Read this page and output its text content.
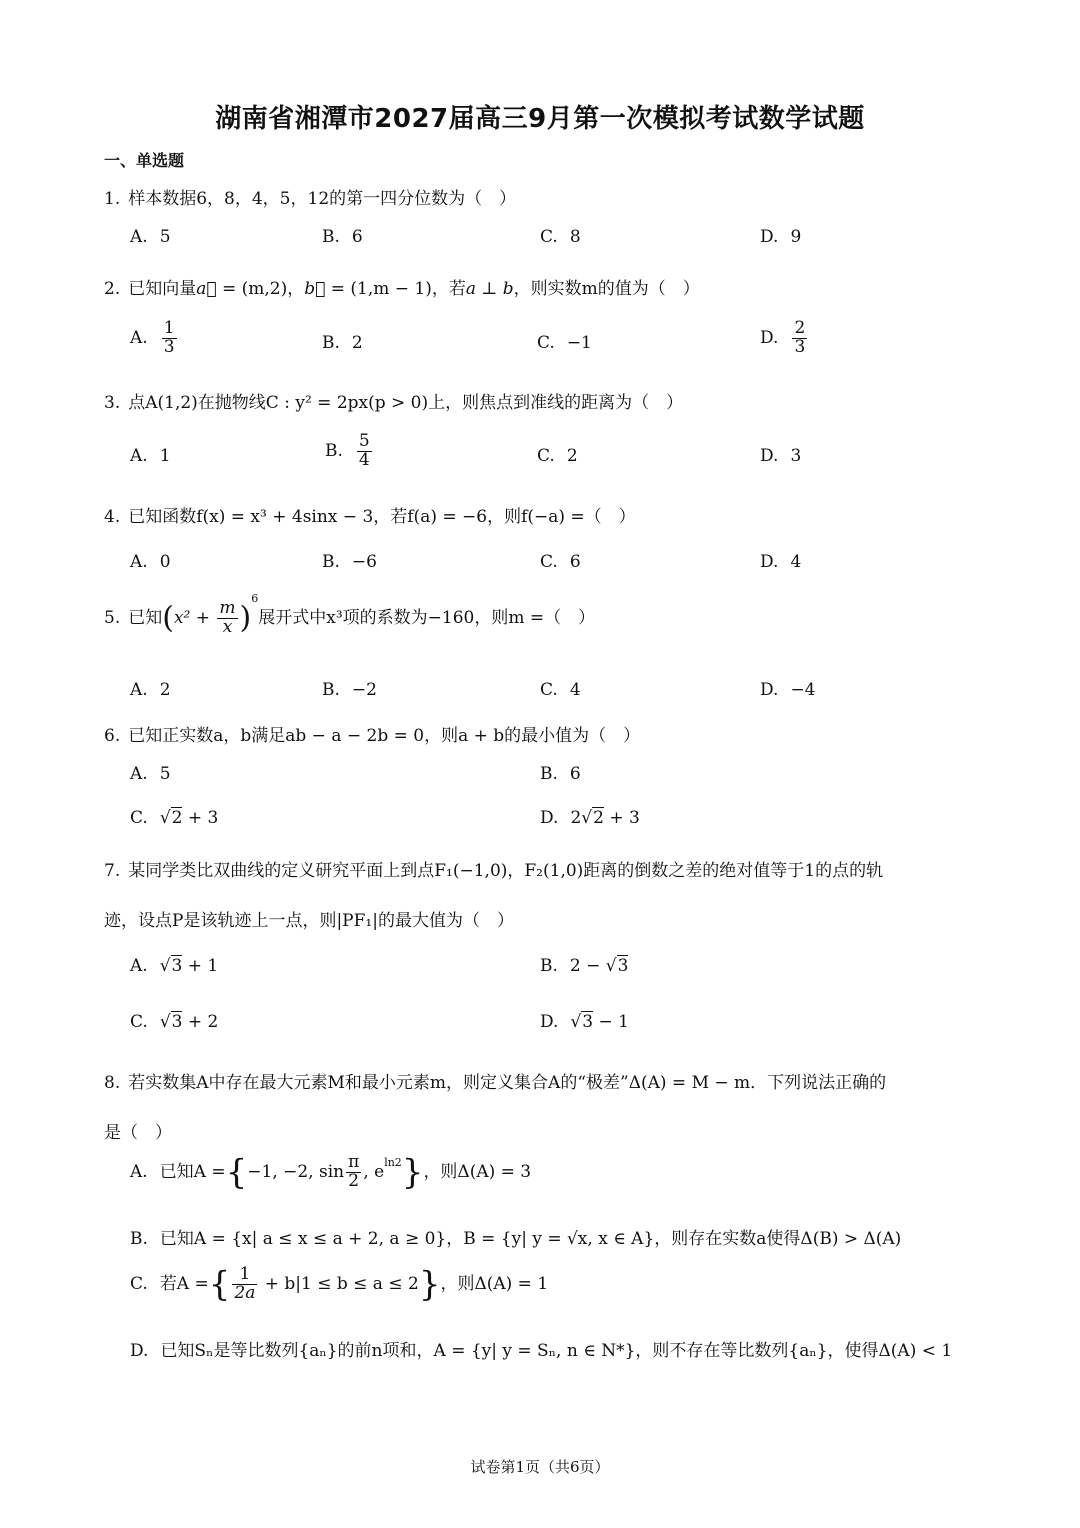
湖南省湘潭市2027届高三9月第一次模拟考试数学试题
一、单选题
1. 样本数据6，8，4，5，12的第一四分位数为（　）
A. 5	B. 6	C. 8	D. 9
2. 已知向量a⃗ = (m,2)，b⃗ = (1,m − 1)，若a ⊥ b，则实数m的值为（　）
A. $\frac{1}{3}$	B. 2	C. −1	D. $\frac{2}{3}$
3. 点A(1,2)在抛物线C : y² = 2px(p > 0)上，则焦点到准线的距离为（　）
A. 1	B. $\frac{5}{4}$	C. 2	D. 3
4. 已知函数f(x) = x³ + 4sinx − 3，若f(a) = −6，则f(−a) =（　）
A. 0	B. −6	C. 6	D. 4
5. 已知$(x^2 + \frac{m}{x} )^6$展开式中x³项的系数为−160，则m =（　）
A. 2	B. −2	C. 4	D. −4
6. 已知正实数a，b满足ab − a − 2b = 0，则a + b的最小值为（　）
A. 5	B. 6
C. √2 + 3	D. 2√2 + 3
7. 某同学类比双曲线的定义研究平面上到点F₁(−1,0)，F₂(1,0)距离的倒数之差的绝对值等于1的点的轨
迹，设点P是该轨迹上一点，则|PF₁|的最大值为（　）
A. √3 + 1	B. 2 − √3
C. √3 + 2	D. √3 − 1
8. 若实数集A中存在最大元素M和最小元素m，则定义集合A的“极差”Δ(A) = M − m．下列说法正确的
是（　）
A. 已知A ={−1, −2, $\sin \frac{\pi}{2}$ , $e^{ln2}$}，则Δ(A) = 3
B. 已知A = {x| a ≤ x ≤ a + 2, a ≥ 0}，B = {y| y = √x, x ∈ A}，则存在实数a使得Δ(B) > Δ(A)
C. 若A ={ $\frac{1}{2a} + b|1 \le b \le a \le 2$}，则Δ(A) = 1
D. 已知Sₙ是等比数列{aₙ}的前n项和，A = {y| y = Sₙ, n ∈ N*}，则不存在等比数列{aₙ}，使得Δ(A) < 1
试卷第1页（共6页）
